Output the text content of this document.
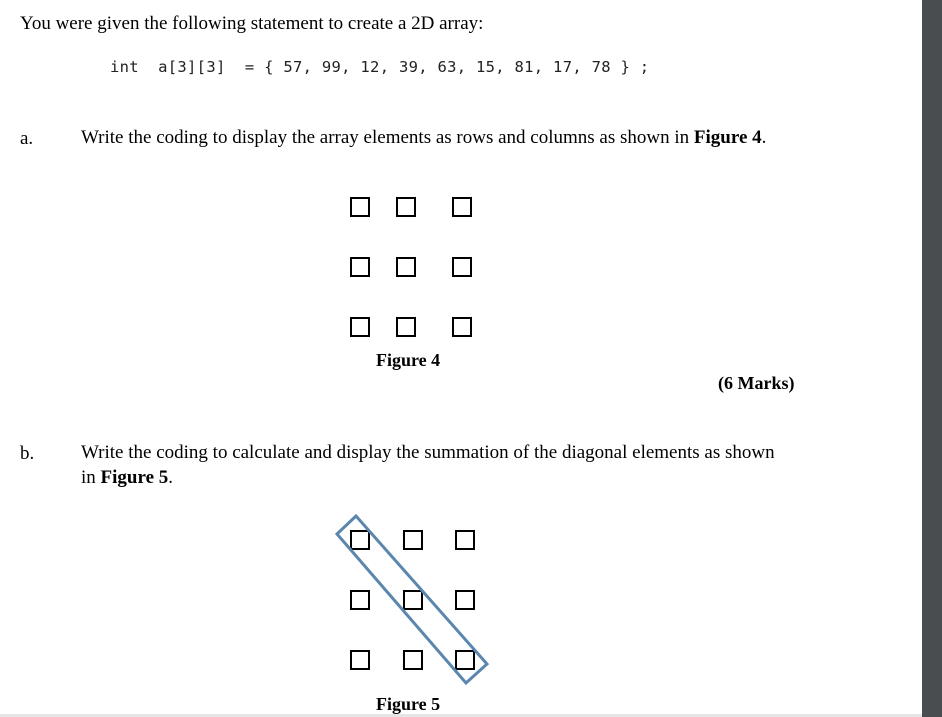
You were given the following statement to create a 2D array:
int  a[3][3]  = { 57, 99, 12, 39, 63, 15, 81, 17, 78 } ;
a.	Write the coding to display the array elements as rows and columns as shown in Figure 4.
Figure 4
(6 Marks)
b. Write the coding to calculate and display the summation of the diagonal elements as shown
in Figure 5.
Figure 5
